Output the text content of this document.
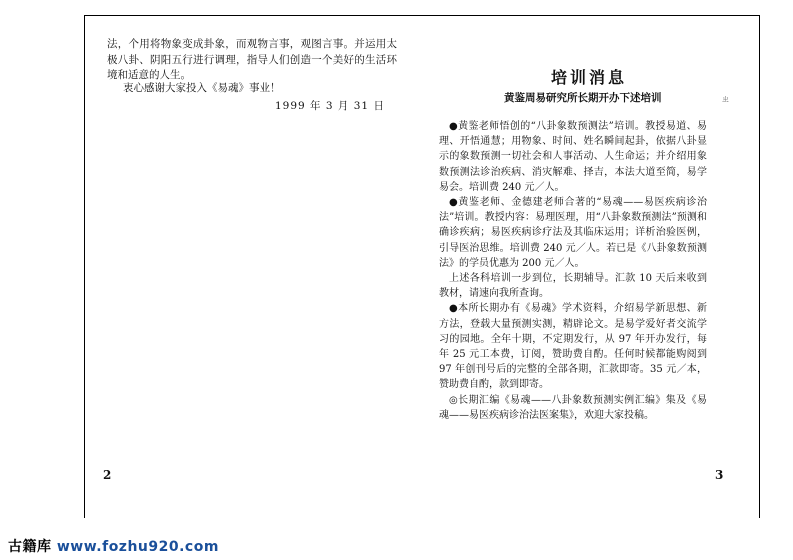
法，个用将物象变成卦象，而观物言事，观图言事。并运用太极八卦、阴阳五行进行调理，指导人们创造一个美好的生活环境和适意的人生。

衷心感谢大家投入《易魂》事业！

1999 年 3 月 31 日

2

培训消息

黄鉴周易研究所长期开办下述培训	ㄓ

●黄鉴老师悟创的“八卦象数预测法”培训。教授易道、易理、开悟通慧；用物象、时间、姓名瞬间起卦，依据八卦显示的象数预测一切社会和人事活动、人生命运；并介绍用象数预测法诊治疾病、消灾解难、择吉，本法大道至简，易学易会。培训费 240 元／人。

●黄鉴老师、金德建老师合著的“易魂——易医疾病诊治法”培训。教授内容：易理医理，用“八卦象数预测法”预测和确诊疾病；易医疾病诊疗法及其临床运用；详析治验医例，引导医治思维。培训费 240 元／人。若已是《八卦象数预测法》的学员优惠为 200 元／人。

上述各科培训一步到位，长期辅导。汇款 10 天后来收到教材，请速向我所查询。

●本所长期办有《易魂》学术资料，介绍易学新思想、新方法，登载大量预测实测，精辟论文。是易学爱好者交流学习的园地。全年十期，不定期发行，从 97 年开办发行，每年 25 元工本费，订阅，赞助费自酌。任何时候都能购阅到 97 年创刊号后的完整的全部各期，汇款即寄。35 元／本，赞助费自酌，款到即寄。

◎长期汇编《易魂——八卦象数预测实例汇编》集及《易魂——易医疾病诊治法医案集》，欢迎大家投稿。

3

古籍库 www.fozhu920.com
